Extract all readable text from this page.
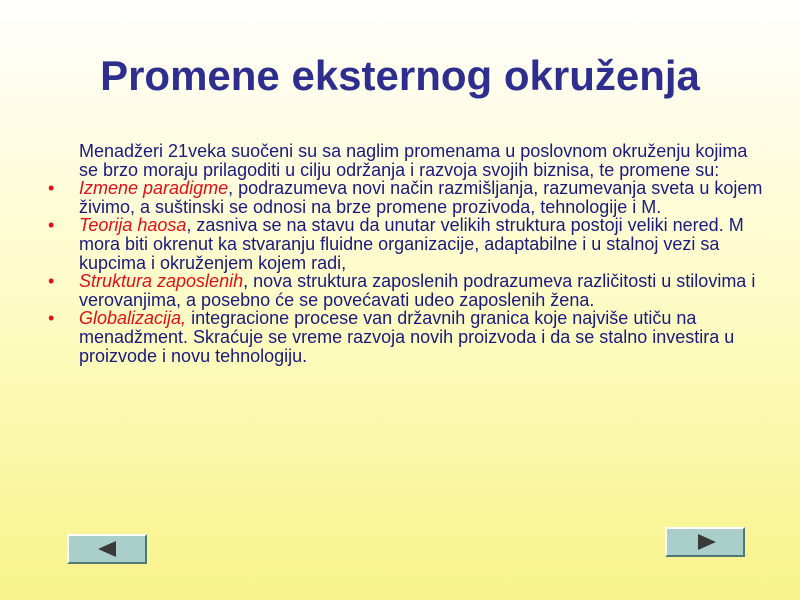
Promene eksternog okruženja

Menadžeri 21veka suočeni su sa naglim promenama u poslovnom okruženju kojima se brzo moraju prilagoditi u cilju održanja i razvoja svojih biznisa, te promene su:

• Izmene paradigme, podrazumeva novi način razmišljanja, razumevanja sveta u kojem živimo, a suštinski se odnosi na brze promene prozivoda, tehnologije i M.
• Teorija haosa, zasniva se na stavu da unutar velikih struktura postoji veliki nered. M mora biti okrenut ka stvaranju fluidne organizacije, adaptabilne i u stalnoj vezi sa kupcima i okruženjem kojem radi,
• Struktura zaposlenih, nova struktura zaposlenih podrazumeva različitosti u stilovima i verovanjima, a posebno će se povećavati udeo zaposlenih žena.
• Globalizacija, integracione procese van državnih granica koje najviše utiču na menadžment. Skraćuje se vreme razvoja novih proizvoda i da se stalno investira u proizvode i novu tehnologiju.
